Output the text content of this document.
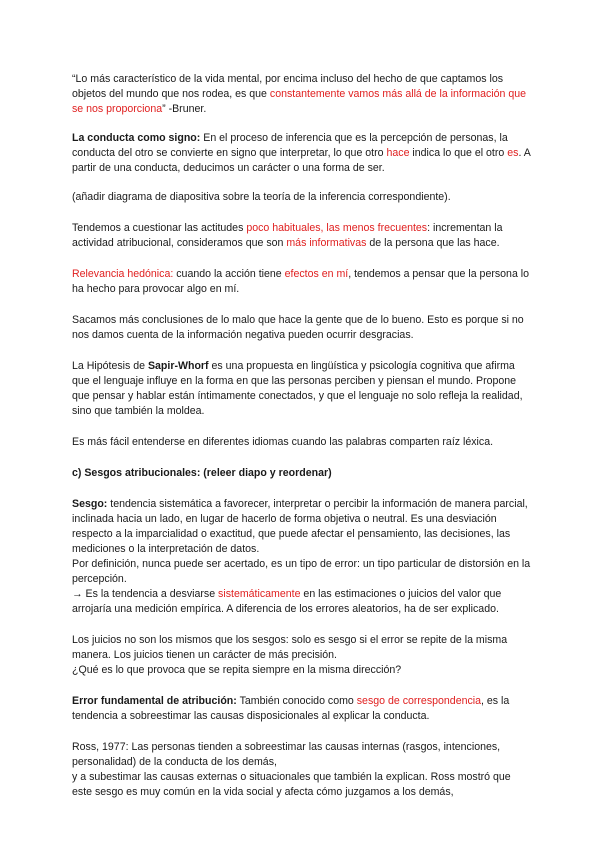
“Lo más característico de la vida mental, por encima incluso del hecho de que captamos los objetos del mundo que nos rodea, es que constantemente vamos más allá de la información que se nos proporciona” -Bruner.

La conducta como signo: En el proceso de inferencia que es la percepción de personas, la conducta del otro se convierte en signo que interpretar, lo que otro hace indica lo que el otro es. A partir de una conducta, deducimos un carácter o una forma de ser.

(añadir diagrama de diapositiva sobre la teoría de la inferencia correspondiente).

Tendemos a cuestionar las actitudes poco habituales, las menos frecuentes: incrementan la actividad atribucional, consideramos que son más informativas de la persona que las hace.

Relevancia hedónica: cuando la acción tiene efectos en mí, tendemos a pensar que la persona lo ha hecho para provocar algo en mí.

Sacamos más conclusiones de lo malo que hace la gente que de lo bueno. Esto es porque si no nos damos cuenta de la información negativa pueden ocurrir desgracias.

La Hipótesis de Sapir-Whorf es una propuesta en lingüística y psicología cognitiva que afirma que el lenguaje influye en la forma en que las personas perciben y piensan el mundo. Propone que pensar y hablar están íntimamente conectados, y que el lenguaje no solo refleja la realidad, sino que también la moldea.

Es más fácil entenderse en diferentes idiomas cuando las palabras comparten raíz léxica.

c) Sesgos atribucionales: (releer diapo y reordenar)

Sesgo: tendencia sistemática a favorecer, interpretar o percibir la información de manera parcial, inclinada hacia un lado, en lugar de hacerlo de forma objetiva o neutral. Es una desviación respecto a la imparcialidad o exactitud, que puede afectar el pensamiento, las decisiones, las mediciones o la interpretación de datos.

Por definición, nunca puede ser acertado, es un tipo de error: un tipo particular de distorsión en la percepción.

→ Es la tendencia a desviarse sistemáticamente en las estimaciones o juicios del valor que arrojaría una medición empírica. A diferencia de los errores aleatorios, ha de ser explicado.

Los juicios no son los mismos que los sesgos: solo es sesgo si el error se repite de la misma manera. Los juicios tienen un carácter de más precisión.

¿Qué es lo que provoca que se repita siempre en la misma dirección?

Error fundamental de atribución: También conocido como sesgo de correspondencia, es la tendencia a sobreestimar las causas disposicionales al explicar la conducta.

Ross, 1977: Las personas tienden a sobreestimar las causas internas (rasgos, intenciones, personalidad) de la conducta de los demás,

y a subestimar las causas externas o situacionales que también la explican. Ross mostró que este sesgo es muy común en la vida social y afecta cómo juzgamos a los demás,
